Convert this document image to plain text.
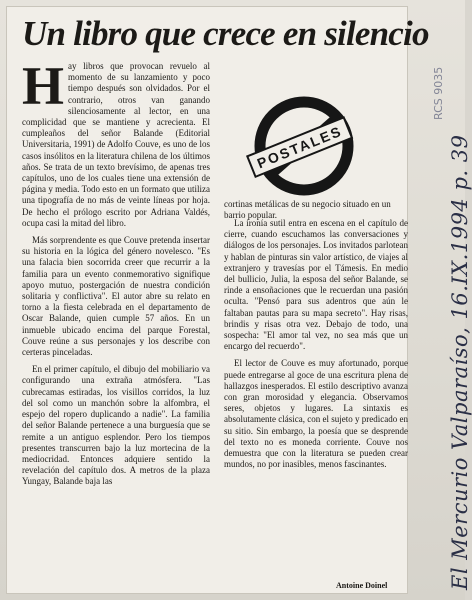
Un libro que crece en silencio

Hay libros que provocan revuelo al momento de su lanzamiento y poco tiempo después son olvidados. Por el contrario, otros van ganando silenciosamente al lector, en una complicidad que se mantiene y acrecienta. El cumpleaños del señor Balande (Editorial Universitaria, 1991) de Adolfo Couve, es uno de los casos insólitos en la literatura chilena de los últimos años. Se trata de un texto brevísimo, de apenas tres capítulos, uno de los cuales tiene una extensión de página y media. Todo esto en un formato que utiliza una tipografía de no más de veinte líneas por hoja. De hecho el prólogo escrito por Adriana Valdés, ocupa casi la mitad del libro.

Más sorprendente es que Couve pretenda insertar su historia en la lógica del género novelesco. "Es una falacia bien socorrida creer que recurrir a la familia para un evento conmemorativo signifique apoyo mutuo, postergación de nuestra condición solitaria y conflictiva". El autor abre su relato en torno a la fiesta celebrada en el departamento de Oscar Balande, quien cumple 57 años. En un inmueble ubicado encima del parque Forestal, Couve reúne a sus personajes y los describe con certeras pinceladas.

En el primer capítulo, el dibujo del mobiliario va configurando una extraña atmósfera. "Las cubrecamas estiradas, los visillos corridos, la luz del sol como un manchón sobre la alfombra, el espejo del ropero duplicando a nadie". La familia del señor Balande pertenece a una burguesía que se remite a un antiguo esplendor. Pero los tiempos presentes transcurren bajo la luz mortecina de la mediocridad. Entonces adquiere sentido la revelación del capítulo dos. A metros de la plaza Yungay, Balande baja las

POSTALES
cortinas metálicas de su negocio situado en un barrio popular.

La ironía sutil entra en escena en el capítulo de cierre, cuando escuchamos las conversaciones y diálogos de los personajes. Los invitados parlotean y hablan de pinturas sin valor artístico, de viajes al extranjero y travesías por el Támesis. En medio del bullicio, Julia, la esposa del señor Balande, se rinde a ensoñaciones que le recuerdan una pasión oculta. "Pensó para sus adentros que aún le faltaban pautas para su mapa secreto". Hay risas, brindis y risas otra vez. Debajo de todo, una sospecha: "El amor tal vez, no sea más que un encargo del recuerdo".

El lector de Couve es muy afortunado, porque puede entregarse al goce de una escritura plena de hallazgos inesperados. El estilo descriptivo avanza con gran morosidad y elegancia. Observamos seres, objetos y lugares. La sintaxis es absolutamente clásica, con el sujeto y predicado en su sitio. Sin embargo, la poesía que se desprende del texto no es moneda corriente. Couve nos demuestra que con la literatura se pueden crear mundos, no por inasibles, menos fascinantes.

Antoine Doinel	El Mercurio Valparaíso, 16.IX.1994 p. 39
RCS 9035
